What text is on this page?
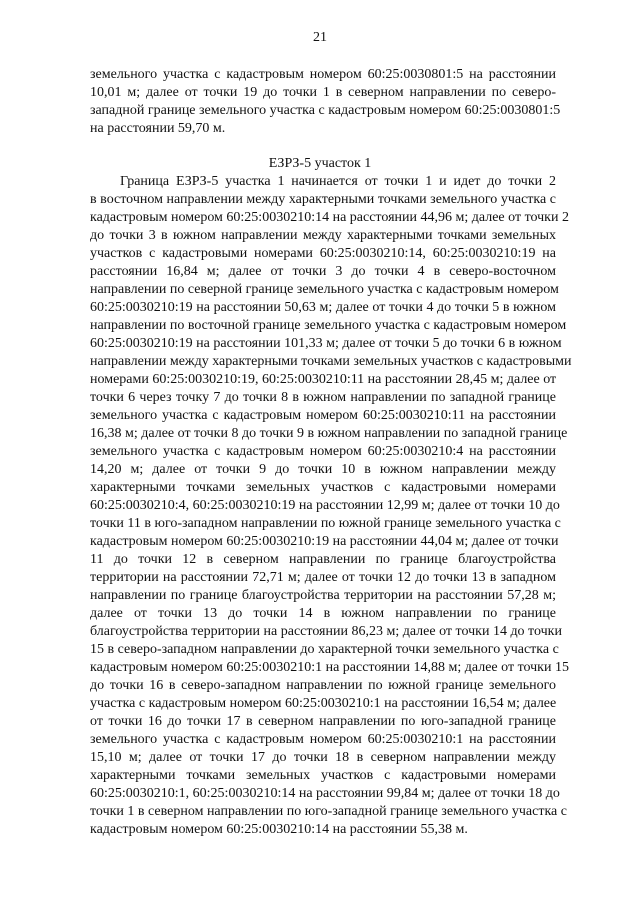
21
земельного участка с кадастровым номером 60:25:0030801:5 на расстоянии
10,01 м; далее от точки 19 до точки 1 в северном направлении по северо-
западной границе земельного участка с кадастровым номером 60:25:0030801:5
на расстоянии 59,70 м.
ЕЗРЗ-5 участок 1
Граница ЕЗРЗ-5 участка 1 начинается от точки 1 и идет до точки 2
в восточном направлении между характерными точками земельного участка с
кадастровым номером 60:25:0030210:14 на расстоянии 44,96 м; далее от точки 2
до точки 3 в южном направлении между характерными точками земельных
участков с кадастровыми номерами 60:25:0030210:14, 60:25:0030210:19 на
расстоянии 16,84 м; далее от точки 3 до точки 4 в северо-восточном
направлении по северной границе земельного участка с кадастровым номером
60:25:0030210:19 на расстоянии 50,63 м; далее от точки 4 до точки 5 в южном
направлении по восточной границе земельного участка с кадастровым номером
60:25:0030210:19 на расстоянии 101,33 м; далее от точки 5 до точки 6 в южном
направлении между характерными точками земельных участков с кадастровыми
номерами 60:25:0030210:19, 60:25:0030210:11 на расстоянии 28,45 м; далее от
точки 6 через точку 7 до точки 8 в южном направлении по западной границе
земельного участка с кадастровым номером 60:25:0030210:11 на расстоянии
16,38 м; далее от точки 8 до точки 9 в южном направлении по западной границе
земельного участка с кадастровым номером 60:25:0030210:4 на расстоянии
14,20 м; далее от точки 9 до точки 10 в южном направлении между
характерными точками земельных участков с кадастровыми номерами
60:25:0030210:4, 60:25:0030210:19 на расстоянии 12,99 м; далее от точки 10 до
точки 11 в юго-западном направлении по южной границе земельного участка с
кадастровым номером 60:25:0030210:19 на расстоянии 44,04 м; далее от точки
11 до точки 12 в северном направлении по границе благоустройства
территории на расстоянии 72,71 м; далее от точки 12 до точки 13 в западном
направлении по границе благоустройства территории на расстоянии 57,28 м;
далее от точки 13 до точки 14 в южном направлении по границе
благоустройства территории на расстоянии 86,23 м; далее от точки 14 до точки
15 в северо-западном направлении до характерной точки земельного участка с
кадастровым номером 60:25:0030210:1 на расстоянии 14,88 м; далее от точки 15
до точки 16 в северо-западном направлении по южной границе земельного
участка с кадастровым номером 60:25:0030210:1 на расстоянии 16,54 м; далее
от точки 16 до точки 17 в северном направлении по юго-западной границе
земельного участка с кадастровым номером 60:25:0030210:1 на расстоянии
15,10 м; далее от точки 17 до точки 18 в северном направлении между
характерными точками земельных участков с кадастровыми номерами
60:25:0030210:1, 60:25:0030210:14 на расстоянии 99,84 м; далее от точки 18 до
точки 1 в северном направлении по юго-западной границе земельного участка с
кадастровым номером 60:25:0030210:14 на расстоянии 55,38 м.
